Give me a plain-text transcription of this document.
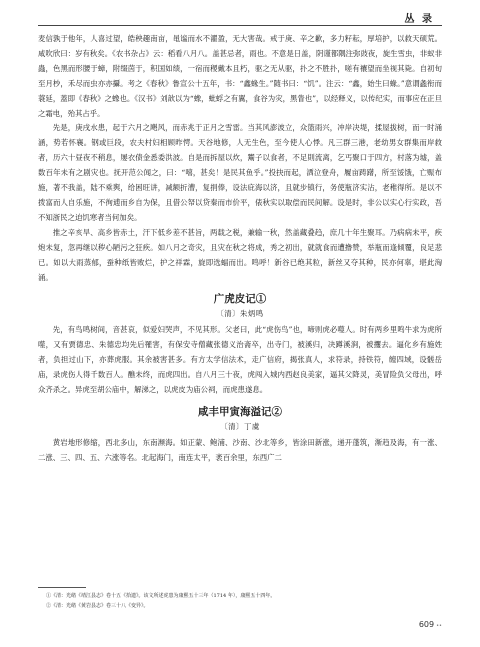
丛 录

麦信孰于他年，人喜过望，皓秧趣南亩，黾谧而水不濯盈，无大害哉。戒于庚、辛之歉，多力籽耘，厚培护，以救天硕荒。咸吹欣曰：岁有秋矣。《农书杂占》云：稻看八月八。盖甚忌者，雨也。不意是日盖，阴谨都隅注弥豉夜，旋生雪虫，非蚁非蟲，色黑而形腰于蟑，附缀茵于，积国如绩，一宿而稷戴本且朽，驱之无从驱，扑之不胜扑，嗟有禳望而坐视其毙。自初旬至月杪，禾尽而虫亦亦攝。考之《春秋》鲁宣公十五年，书：“鑫蝝生。”随书曰：“饥”。注云：“鑫，始生曰蝝。”意谓螽衔而蓑延，蓋即《春秋》之蟓也。《汉书》刘歆以为“蟓，蚍蜉之有翼，食谷为灾，黑眚也”，以经释义，以传纪实，而事应在正旦之霜电，殆其占乎。

先是，庚戌水患，起于六月之飓风，而赤兆于正月之雪雷。当其风澎波立，众篮雨兴，冲岸决堤，揉屋拔树，而一时涌涵，势若怀襄。钢或巨段，农夫村妇相顾昨愕。天谷地修，人无生色，至今使人心悸。凡三群三港，老幼男女群集而岸救者，历六十昼夜不稍息，屡衣债金悉委洪波。自是而拆屋以炊，鬻子以食者，不足則流离，乞丐聚口于四方，村落为墟，盖数百年未有之剧灾也。抚开范公闻之，曰：“嘻，甚矣！是民其鱼乎。”投抉而起，洒泣登舟，履亩踌躇，所至馁饿，亡赈布施，著不我盖，陆不乘舆，给困旺讲，减额折漕，复捐俸，设法庇海以济，且就步镇行，务使瓶济实沾，老稚得所。是以不拨富而人自乐施，不徇逋而乡自为保，且借公帑以贷秦而市价平，俵秋实以取偿而民间解。设是时，非公以实心行实政，吾不知浙民之迫饥寒者当何加矣。

推之辛亥旱、高乡皆赤土，汗下低乡差不甚旨，两载之税，兼输一秋，然盖藏叠趋，庶几十年生聚耳。乃病病未平，疾炮未复，忽再继以秽心陋污之狂疾。如八月之奇灾，且灾在秋之将成，秀之初出，就就食而遭撸赞，举瓶而逢倾覆，良足悲已。如以大雨蒸郁，蚕种纸皆败烂，护之祥霖，旋即选蝠而出。鸣呼！新谷已绝其粒，新丝又夺其种，民亦何辜，堪此洶涌。

广虎皮记①
〔清〕朱炳鸣

先，有鸟鸣树间，音甚哀，似爱妇哭声，不见其形。父老曰，此“虎伤鸟”也，啼则虎必噬人。时有两乡里鸣牛求为虎所噬，又有贾德忠、朱德忠均先后罹害，有保安寺僧藏张德义治斋卒，出寺门，被溪归，决蹲溪涧，被攫去。逼化乡有施姓者，负担过山下，亦葬虎服。其余被害甚多。有方太学信法术，走广信府，揭张真人，求符录，持铁符，缠四域，设髊岳庙，录虎伤人得千数百人。醮未终，而虎四出。自八月三十夜，虎闯入城内西赵良美家，逼其父降灵，美冒险负父母出，呼众齐杀之。异虎至胡公庙中，解涕之，以虎皮为庙公祠，而虎患遂息。

咸丰甲寅海溢记②
〔清〕丁虞

黄岩地形修缩，西北多山，东南濒海。如正蒙、鲍浦、沙南、沙北等乡，皆涂田新涨，递开蓬筑，渐趋及海，有一涨、二涨、三、四、五、六涨等名。北起海门，南连太平，袤百余里，东西广二

①《清：光绪《靖江县志》卷十五《拾遗》。该文所述虎患为康熙五十三年（1714 年），康熙五十四年。
②《清：光绪《黄岩县志》卷三十八《变异》。
609 ••
